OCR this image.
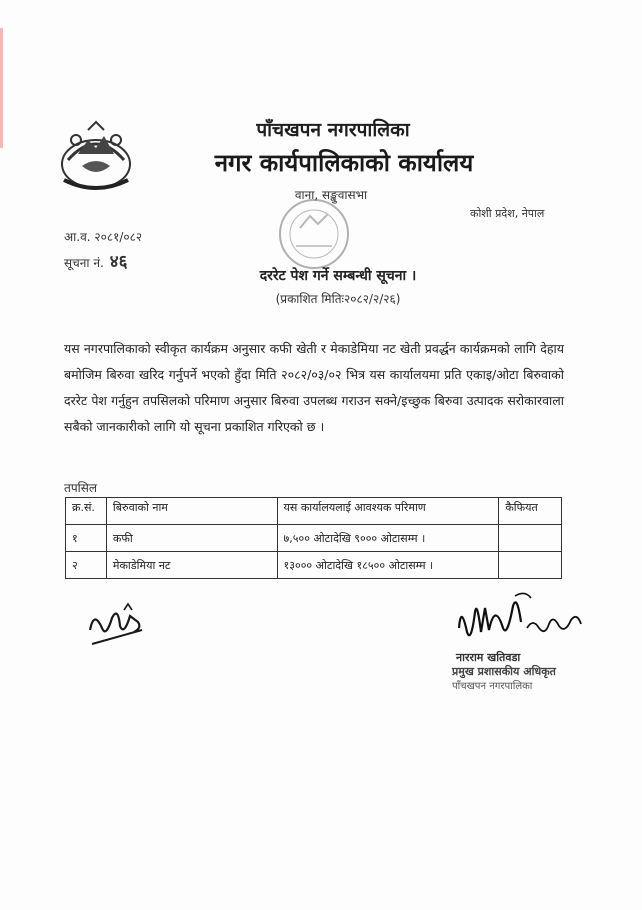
पाँचखपन नगरपालिका
नगर कार्यपालिकाको कार्यालय
वाना, सङ्खुवासभा
कोशी प्रदेश, नेपाल
आ.व. २०८१/०८२
सूचना नं. ४६
दररेट पेश गर्ने सम्बन्धी सूचना ।
(प्रकाशित मितिः२०८२/२/२६)
यस नगरपालिकाको स्वीकृत कार्यक्रम अनुसार कफी खेती र मेकाडेमिया नट खेती प्रवर्द्धन कार्यक्रमको लागि देहाय बमोजिम बिरुवा खरिद गर्नुपर्ने भएको हुँदा मिति २०८२/०३/०२ भित्र यस कार्यालयमा प्रति एकाइ/ओटा बिरुवाको दररेट पेश गर्नुहुन तपसिलको परिमाण अनुसार बिरुवा उपलब्ध गराउन सक्ने/इच्छुक बिरुवा उत्पादक सरोकारवाला सबैको जानकारीको लागि यो सूचना प्रकाशित गरिएको छ ।
तपसिल
क्र.सं.	बिरुवाको नाम	यस कार्यालयलाई आवश्यक परिमाण	कैफियत
१	कफी	७,५०० ओटादेखि ९००० ओटासम्म ।	
२	मेकाडेमिया नट	१३००० ओटादेखि १८५०० ओटासम्म ।	
नारराम खतिवडा
प्रमुख प्रशासकीय अधिकृत
पाँचखपन नगरपालिका
